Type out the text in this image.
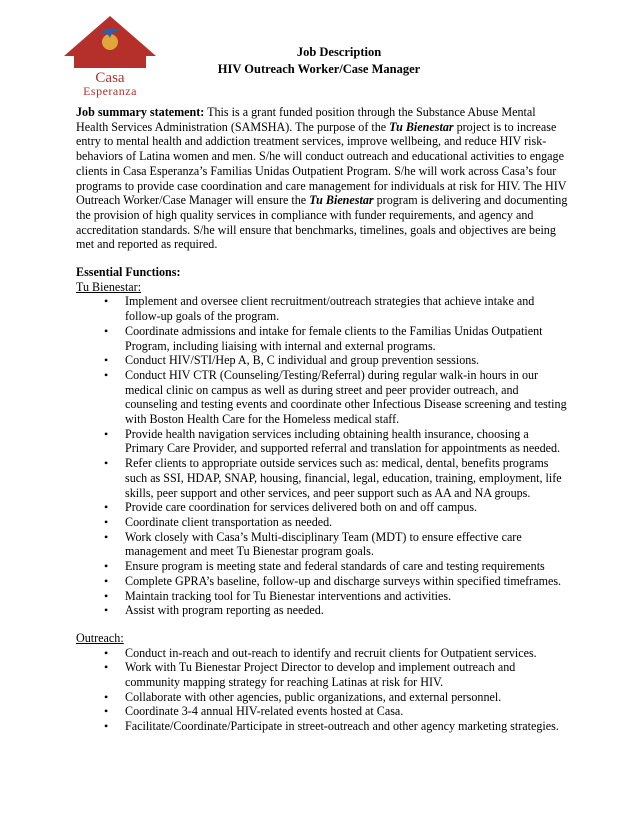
Casa
Esperanza
Job Description
HIV Outreach Worker/Case Manager

Job summary statement: This is a grant funded position through the Substance Abuse Mental Health Services Administration (SAMSHA). The purpose of the Tu Bienestar project is to increase entry to mental health and addiction treatment services, improve wellbeing, and reduce HIV risk-behaviors of Latina women and men. S/he will conduct outreach and educational activities to engage clients in Casa Esperanza’s Familias Unidas Outpatient Program. S/he will work across Casa’s four programs to provide case coordination and care management for individuals at risk for HIV. The HIV Outreach Worker/Case Manager will ensure the Tu Bienestar program is delivering and documenting the provision of high quality services in compliance with funder requirements, and agency and accreditation standards. S/he will ensure that benchmarks, timelines, goals and objectives are being met and reported as required.

Essential Functions:
Tu Bienestar:
• Implement and oversee client recruitment/outreach strategies that achieve intake and follow-up goals of the program.
• Coordinate admissions and intake for female clients to the Familias Unidas Outpatient Program, including liaising with internal and external programs.
• Conduct HIV/STI/Hep A, B, C individual and group prevention sessions.
• Conduct HIV CTR (Counseling/Testing/Referral) during regular walk-in hours in our medical clinic on campus as well as during street and peer provider outreach, and counseling and testing events and coordinate other Infectious Disease screening and testing with Boston Health Care for the Homeless medical staff.
• Provide health navigation services including obtaining health insurance, choosing a Primary Care Provider, and supported referral and translation for appointments as needed.
• Refer clients to appropriate outside services such as: medical, dental, benefits programs such as SSI, HDAP, SNAP, housing, financial, legal, education, training, employment, life skills, peer support and other services, and peer support such as AA and NA groups.
• Provide care coordination for services delivered both on and off campus.
• Coordinate client transportation as needed.
• Work closely with Casa’s Multi-disciplinary Team (MDT) to ensure effective care management and meet Tu Bienestar program goals.
• Ensure program is meeting state and federal standards of care and testing requirements
• Complete GPRA’s baseline, follow-up and discharge surveys within specified timeframes.
• Maintain tracking tool for Tu Bienestar interventions and activities.
• Assist with program reporting as needed.
Outreach:
• Conduct in-reach and out-reach to identify and recruit clients for Outpatient services.
• Work with Tu Bienestar Project Director to develop and implement outreach and community mapping strategy for reaching Latinas at risk for HIV.
• Collaborate with other agencies, public organizations, and external personnel.
• Coordinate 3-4 annual HIV-related events hosted at Casa.
• Facilitate/Coordinate/Participate in street-outreach and other agency marketing strategies.
